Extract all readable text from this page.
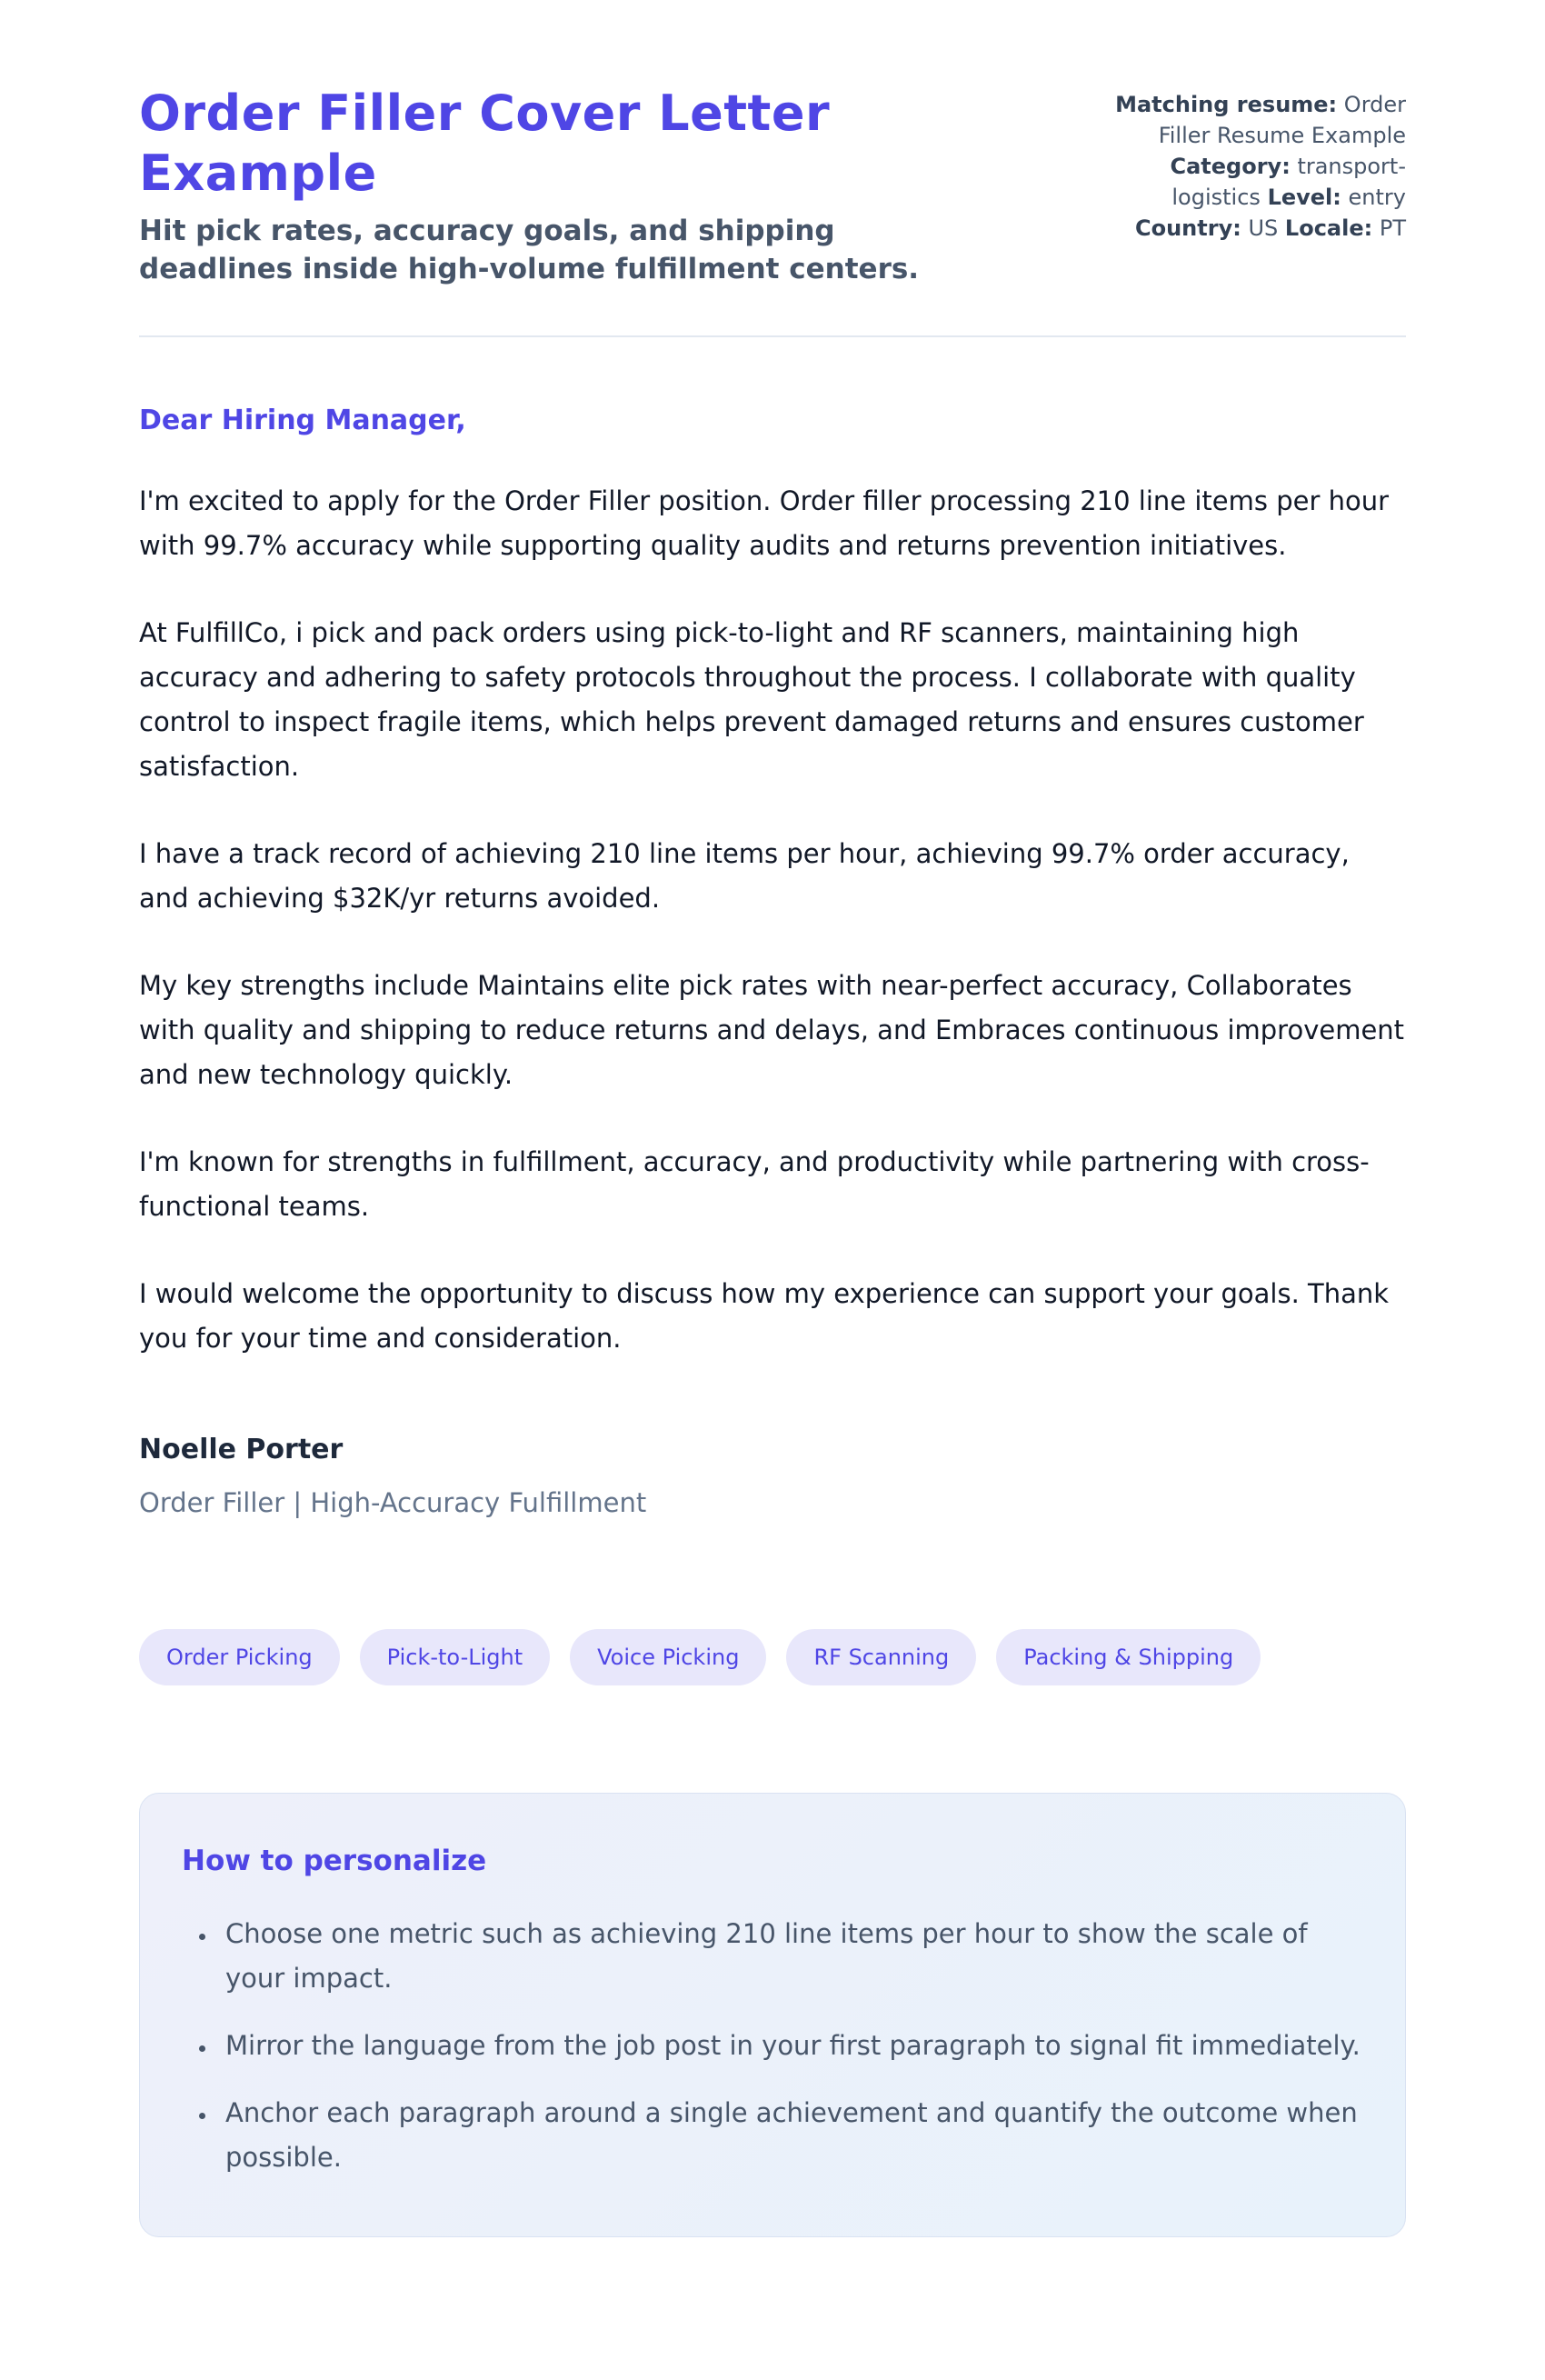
Order Filler Cover Letter Example

Hit pick rates, accuracy goals, and shipping deadlines inside high-volume fulfillment centers.

Matching resume: Order Filler Resume Example Category: transport-logistics Level: entry Country: US Locale: PT

Dear Hiring Manager,

I'm excited to apply for the Order Filler position. Order filler processing 210 line items per hour with 99.7% accuracy while supporting quality audits and returns prevention initiatives.

At FulfillCo, i pick and pack orders using pick-to-light and RF scanners, maintaining high accuracy and adhering to safety protocols throughout the process. I collaborate with quality control to inspect fragile items, which helps prevent damaged returns and ensures customer satisfaction.

I have a track record of achieving 210 line items per hour, achieving 99.7% order accuracy, and achieving $32K/yr returns avoided.

My key strengths include Maintains elite pick rates with near-perfect accuracy, Collaborates with quality and shipping to reduce returns and delays, and Embraces continuous improvement and new technology quickly.

I'm known for strengths in fulfillment, accuracy, and productivity while partnering with cross-functional teams.

I would welcome the opportunity to discuss how my experience can support your goals. Thank you for your time and consideration.

Noelle Porter

Order Filler | High-Accuracy Fulfillment

Order Picking	Pick-to-Light	Voice Picking	RF Scanning	Packing & Shipping
How to personalize
• Choose one metric such as achieving 210 line items per hour to show the scale of your impact.
• Mirror the language from the job post in your first paragraph to signal fit immediately.
• Anchor each paragraph around a single achievement and quantify the outcome when possible.
